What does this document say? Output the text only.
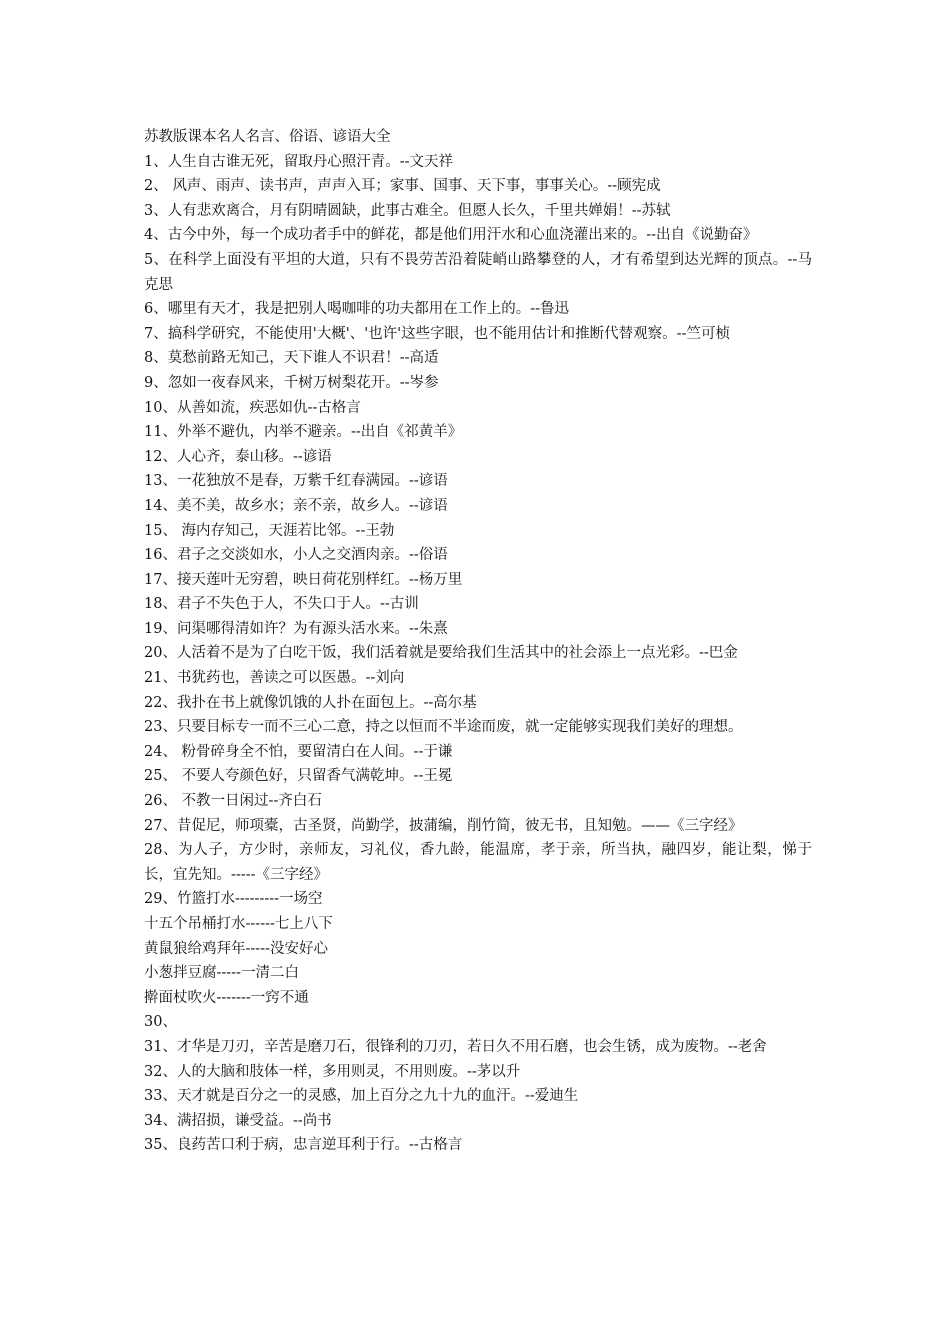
苏教版课本名人名言、俗语、谚语大全

1、人生自古谁无死，留取丹心照汗青。--文天祥

2、 风声、雨声、读书声，声声入耳；家事、国事、天下事，事事关心。--顾宪成

3、人有悲欢离合，月有阴晴圆缺，此事古难全。但愿人长久，千里共婵娟！--苏轼

4、古今中外，每一个成功者手中的鲜花，都是他们用汗水和心血浇灌出来的。--出自《说勤奋》

5、在科学上面没有平坦的大道，只有不畏劳苦沿着陡峭山路攀登的人，才有希望到达光辉的顶点。--马克思

6、哪里有天才，我是把别人喝咖啡的功夫都用在工作上的。--鲁迅

7、搞科学研究，不能使用'大概'、'也许'这些字眼，也不能用估计和推断代替观察。--竺可桢

8、莫愁前路无知己，天下谁人不识君！--高适

9、忽如一夜春风来，千树万树梨花开。--岑参

10、从善如流，疾恶如仇--古格言

11、外举不避仇，内举不避亲。--出自《祁黄羊》

12、人心齐，泰山移。--谚语

13、一花独放不是春，万紫千红春满园。--谚语

14、美不美，故乡水；亲不亲，故乡人。--谚语

15、 海内存知己，天涯若比邻。--王勃

16、君子之交淡如水，小人之交酒肉亲。--俗语

17、接天莲叶无穷碧，映日荷花别样红。--杨万里

18、君子不失色于人，不失口于人。--古训

19、问渠哪得清如许？为有源头活水来。--朱熹

20、人活着不是为了白吃干饭，我们活着就是要给我们生活其中的社会添上一点光彩。--巴金

21、书犹药也，善读之可以医愚。--刘向

22、我扑在书上就像饥饿的人扑在面包上。--高尔基

23、只要目标专一而不三心二意，持之以恒而不半途而废，就一定能够实现我们美好的理想。

24、 粉骨碎身全不怕，要留清白在人间。--于谦

25、 不要人夸颜色好，只留香气满乾坤。--王冕

26、 不教一日闲过--齐白石

27、昔促尼，师项橐，古圣贤，尚勤学，披蒲编，削竹简，彼无书，且知勉。——《三字经》

28、为人子，方少时，亲师友，习礼仪，香九龄，能温席，孝于亲，所当执，融四岁，能让梨，悌于长，宜先知。-----《三字经》

29、竹篮打水---------一场空

十五个吊桶打水------七上八下

黄鼠狼给鸡拜年-----没安好心

小葱拌豆腐-----一清二白

擀面杖吹火-------一窍不通

30、

31、才华是刀刃，辛苦是磨刀石，很锋利的刀刃，若日久不用石磨，也会生锈，成为废物。--老舍

32、人的大脑和肢体一样，多用则灵，不用则废。--茅以升

33、天才就是百分之一的灵感，加上百分之九十九的血汗。--爱迪生

34、满招损，谦受益。--尚书

35、良药苦口利于病，忠言逆耳利于行。--古格言
